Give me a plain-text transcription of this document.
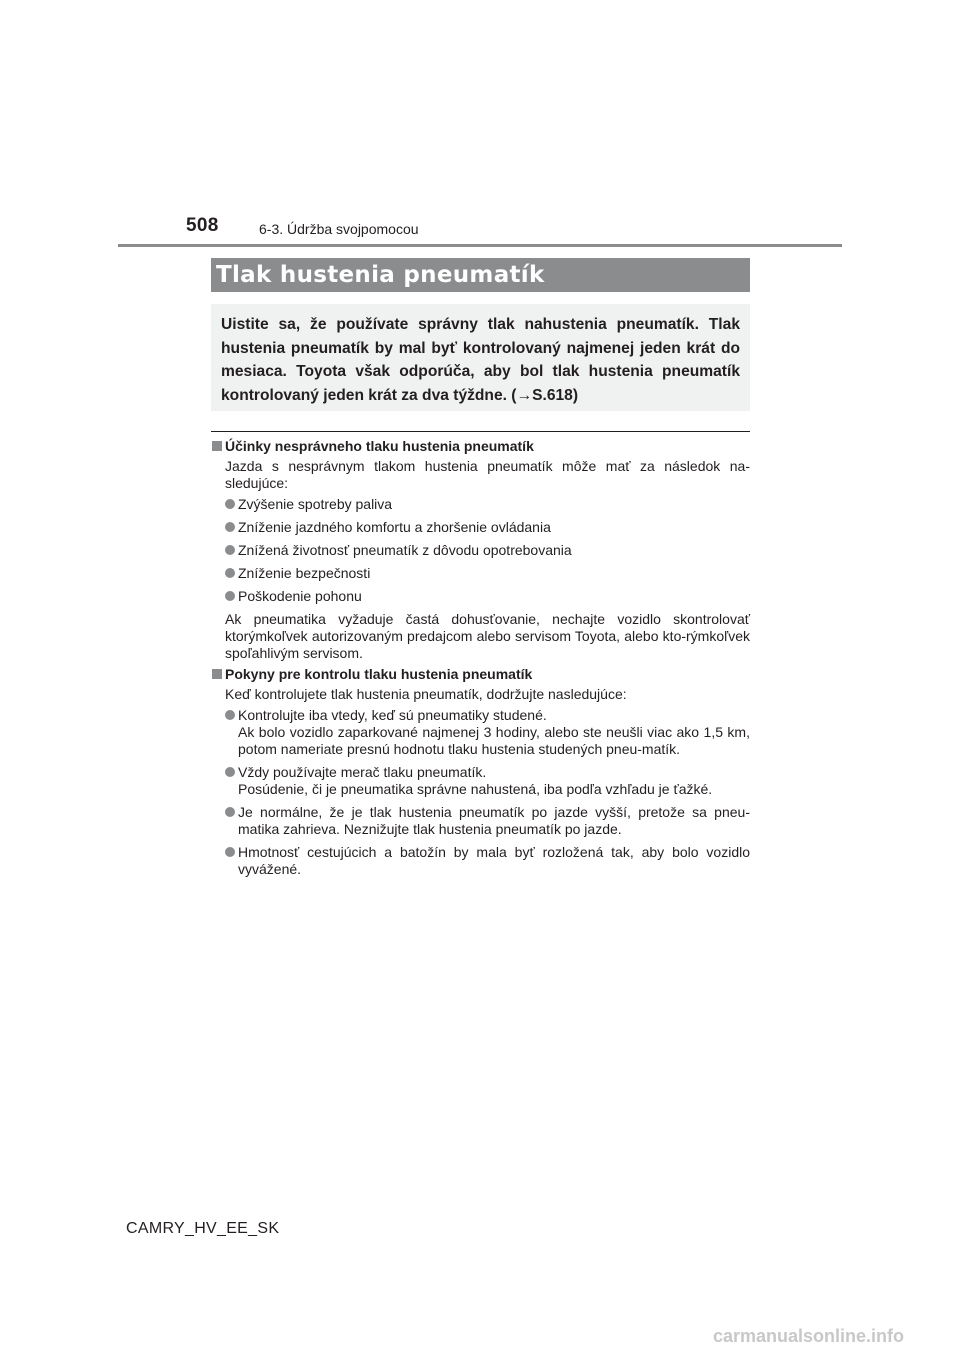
508	6-3. Údržba svojpomocou
Tlak hustenia pneumatík
Uistite sa, že používate správny tlak nahustenia pneumatík. Tlak hustenia pneumatík by mal byť kontrolovaný najmenej jeden krát do mesiaca. Toyota však odporúča, aby bol tlak hustenia pneumatík kontrolovaný jeden krát za dva týždne. (→S.618)
Účinky nesprávneho tlaku hustenia pneumatík
Jazda s nesprávnym tlakom hustenia pneumatík môže mať za následok na-sledujúce:
Zvýšenie spotreby paliva
Zníženie jazdného komfortu a zhoršenie ovládania
Znížená životnosť pneumatík z dôvodu opotrebovania
Zníženie bezpečnosti
Poškodenie pohonu
Ak pneumatika vyžaduje častá dohusťovanie, nechajte vozidlo skontrolovať ktorýmkoľvek autorizovaným predajcom alebo servisom Toyota, alebo kto-rýmkoľvek spoľahlivým servisom.
Pokyny pre kontrolu tlaku hustenia pneumatík
Keď kontrolujete tlak hustenia pneumatík, dodržujte nasledujúce:
Kontrolujte iba vtedy, keď sú pneumatiky studené.
Ak bolo vozidlo zaparkované najmenej 3 hodiny, alebo ste neušli viac ako 1,5 km, potom nameriate presnú hodnotu tlaku hustenia studených pneu-matík.
Vždy používajte merač tlaku pneumatík.
Posúdenie, či je pneumatika správne nahustená, iba podľa vzhľadu je ťažké.
Je normálne, že je tlak hustenia pneumatík po jazde vyšší, pretože sa pneu-matika zahrieva. Neznižujte tlak hustenia pneumatík po jazde.
Hmotnosť cestujúcich a batožín by mala byť rozložená tak, aby bolo vozidlo vyvážené.
CAMRY_HV_EE_SK
carmanualsonline.info
